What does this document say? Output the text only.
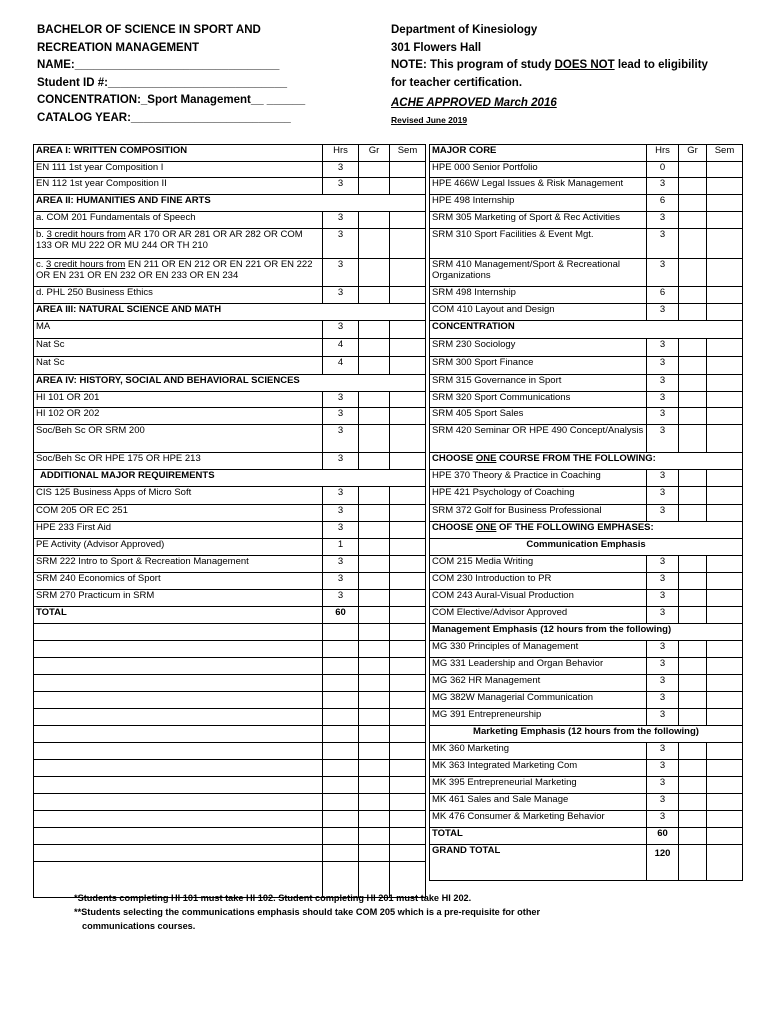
BACHELOR OF SCIENCE IN SPORT AND
RECREATION MANAGEMENT
NAME:________________________________
Student ID #:____________________________
CONCENTRATION:_Sport Management__ ______
CATALOG YEAR:_________________________
Department of Kinesiology
301 Flowers Hall
NOTE: This program of study DOES NOT lead to eligibility
for teacher certification.
ACHE APPROVED March 2016
Revised June 2019
AREA I: WRITTEN COMPOSITION	Hrs	Gr	Sem
EN 111 1st year Composition I	3		
EN 112 1st year Composition II	3		
AREA II: HUMANITIES AND FINE ARTS			
a. COM 201 Fundamentals of Speech	3		
b. 3 credit hours from AR 170 OR AR 281 OR AR 282 OR COM 133 OR MU 222 OR MU 244 OR TH 210	3		
c. 3 credit hours from EN 211 OR EN 212 OR EN 221 OR EN 222 OR EN 231 OR EN 232 OR EN 233 OR EN 234	3		
d. PHL 250 Business Ethics	3		
AREA III: NATURAL SCIENCE AND MATH			
MA	3		
Nat Sc	4		
Nat Sc	4		
AREA IV: HISTORY, SOCIAL AND BEHAVIORAL SCIENCES			
HI 101 OR 201	3		
HI 102 OR 202	3		
Soc/Beh Sc OR SRM 200	3		
Soc/Beh Sc OR HPE 175 OR HPE 213	3		
ADDITIONAL MAJOR REQUIREMENTS			
CIS 125 Business Apps of Micro Soft	3		
COM 205 OR EC 251	3		
HPE 233 First Aid	3		
PE Activity (Advisor Approved)	1		
SRM 222 Intro to Sport & Recreation Management	3		
SRM 240 Economics of Sport	3		
SRM 270 Practicum in SRM	3		
TOTAL	60		

MAJOR CORE	Hrs	Gr	Sem
HPE 000 Senior Portfolio	0		
HPE 466W Legal Issues & Risk Management	3		
HPE 498 Internship	6		
SRM 305 Marketing of Sport & Rec Activities	3		
SRM 310 Sport Facilities & Event Mgt.	3		
SRM 410 Management/Sport & Recreational Organizations	3		
SRM 498 Internship	6		
COM 410 Layout and Design	3		
CONCENTRATION			
SRM 230 Sociology	3		
SRM 300 Sport Finance	3		
SRM 315 Governance in Sport	3		
SRM 320 Sport Communications	3		
SRM 405 Sport Sales	3		
SRM 420 Seminar OR HPE 490 Concept/Analysis	3		
CHOOSE ONE COURSE FROM THE FOLLOWING:			
HPE 370 Theory & Practice in Coaching	3		
HPE 421 Psychology of Coaching	3		
SRM 372 Golf for Business Professional	3		
CHOOSE ONE OF THE FOLLOWING EMPHASES:			
Communication Emphasis			
COM 215 Media Writing	3		
COM 230 Introduction to PR	3		
COM 243 Aural-Visual Production	3		
COM Elective/Advisor Approved	3		
Management Emphasis (12 hours from the following)			
MG 330 Principles of Management	3		
MG 331 Leadership and Organ Behavior	3		
MG 362 HR Management	3		
MG 382W Managerial Communication	3		
MG 391 Entrepreneurship	3		
Marketing Emphasis (12 hours from the following)			
MK 360 Marketing	3		
MK 363 Integrated Marketing Com	3		
MK 395 Entrepreneurial Marketing	3		
MK 461 Sales and Sale Manage	3		
MK 476 Consumer & Marketing Behavior	3		
TOTAL	60		
GRAND TOTAL	120		
*Students completing HI 101 must take HI 102. Student completing HI 201 must take HI 202.
**Students selecting the communications emphasis should take COM 205 which is a pre-requisite for other
communications courses.
